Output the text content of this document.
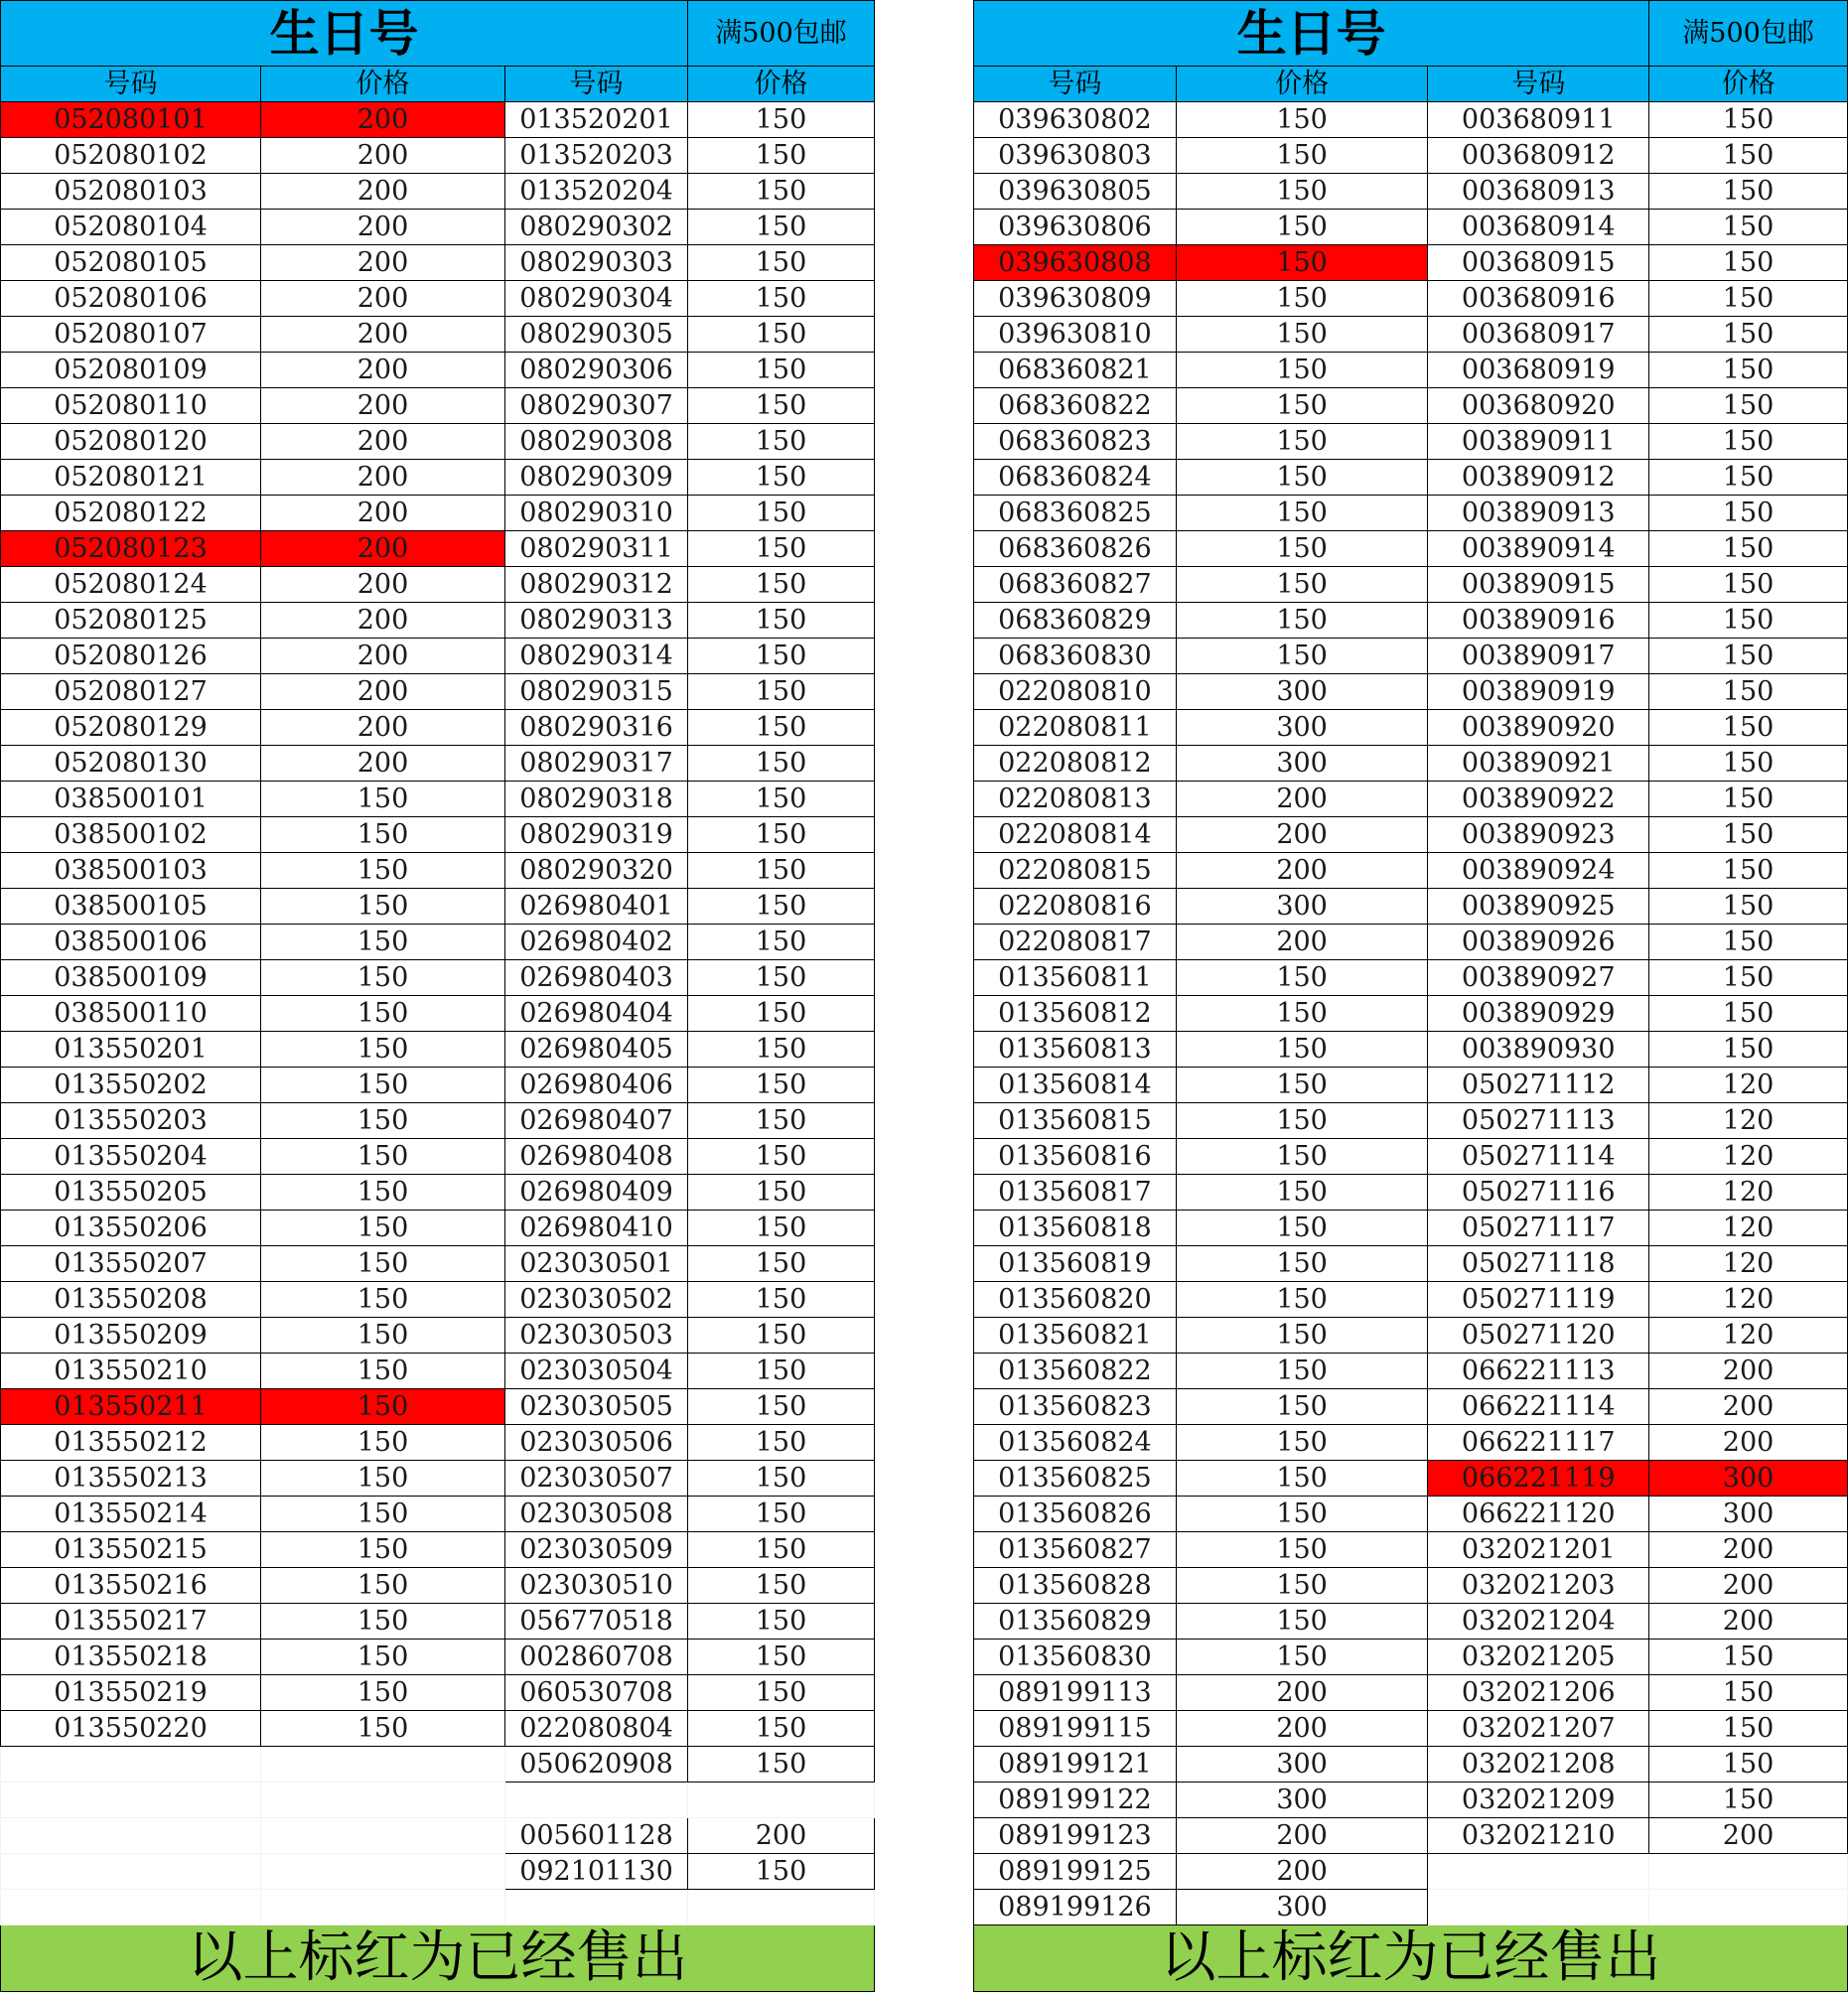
生日号			满500包邮
号码	价格	号码	价格
052080101	200	013520201	150
052080102	200	013520203	150
052080103	200	013520204	150
052080104	200	080290302	150
052080105	200	080290303	150
052080106	200	080290304	150
052080107	200	080290305	150
052080109	200	080290306	150
052080110	200	080290307	150
052080120	200	080290308	150
052080121	200	080290309	150
052080122	200	080290310	150
052080123	200	080290311	150
052080124	200	080290312	150
052080125	200	080290313	150
052080126	200	080290314	150
052080127	200	080290315	150
052080129	200	080290316	150
052080130	200	080290317	150
038500101	150	080290318	150
038500102	150	080290319	150
038500103	150	080290320	150
038500105	150	026980401	150
038500106	150	026980402	150
038500109	150	026980403	150
038500110	150	026980404	150
013550201	150	026980405	150
013550202	150	026980406	150
013550203	150	026980407	150
013550204	150	026980408	150
013550205	150	026980409	150
013550206	150	026980410	150
013550207	150	023030501	150
013550208	150	023030502	150
013550209	150	023030503	150
013550210	150	023030504	150
013550211	150	023030505	150
013550212	150	023030506	150
013550213	150	023030507	150
013550214	150	023030508	150
013550215	150	023030509	150
013550216	150	023030510	150
013550217	150	056770518	150
013550218	150	002860708	150
013550219	150	060530708	150
013550220	150	022080804	150
		050620908	150

		005601128	200
		092101130	150

以上标红为已经售出			
生日号			满500包邮
号码	价格	号码	价格
039630802	150	003680911	150
039630803	150	003680912	150
039630805	150	003680913	150
039630806	150	003680914	150
039630808	150	003680915	150
039630809	150	003680916	150
039630810	150	003680917	150
068360821	150	003680919	150
068360822	150	003680920	150
068360823	150	003890911	150
068360824	150	003890912	150
068360825	150	003890913	150
068360826	150	003890914	150
068360827	150	003890915	150
068360829	150	003890916	150
068360830	150	003890917	150
022080810	300	003890919	150
022080811	300	003890920	150
022080812	300	003890921	150
022080813	200	003890922	150
022080814	200	003890923	150
022080815	200	003890924	150
022080816	300	003890925	150
022080817	200	003890926	150
013560811	150	003890927	150
013560812	150	003890929	150
013560813	150	003890930	150
013560814	150	050271112	120
013560815	150	050271113	120
013560816	150	050271114	120
013560817	150	050271116	120
013560818	150	050271117	120
013560819	150	050271118	120
013560820	150	050271119	120
013560821	150	050271120	120
013560822	150	066221113	200
013560823	150	066221114	200
013560824	150	066221117	200
013560825	150	066221119	300
013560826	150	066221120	300
013560827	150	032021201	200
013560828	150	032021203	200
013560829	150	032021204	200
013560830	150	032021205	150
089199113	200	032021206	150
089199115	200	032021207	150
089199121	300	032021208	150
089199122	300	032021209	150
089199123	200	032021210	200
089199125	200		
089199126	300		
以上标红为已经售出			
